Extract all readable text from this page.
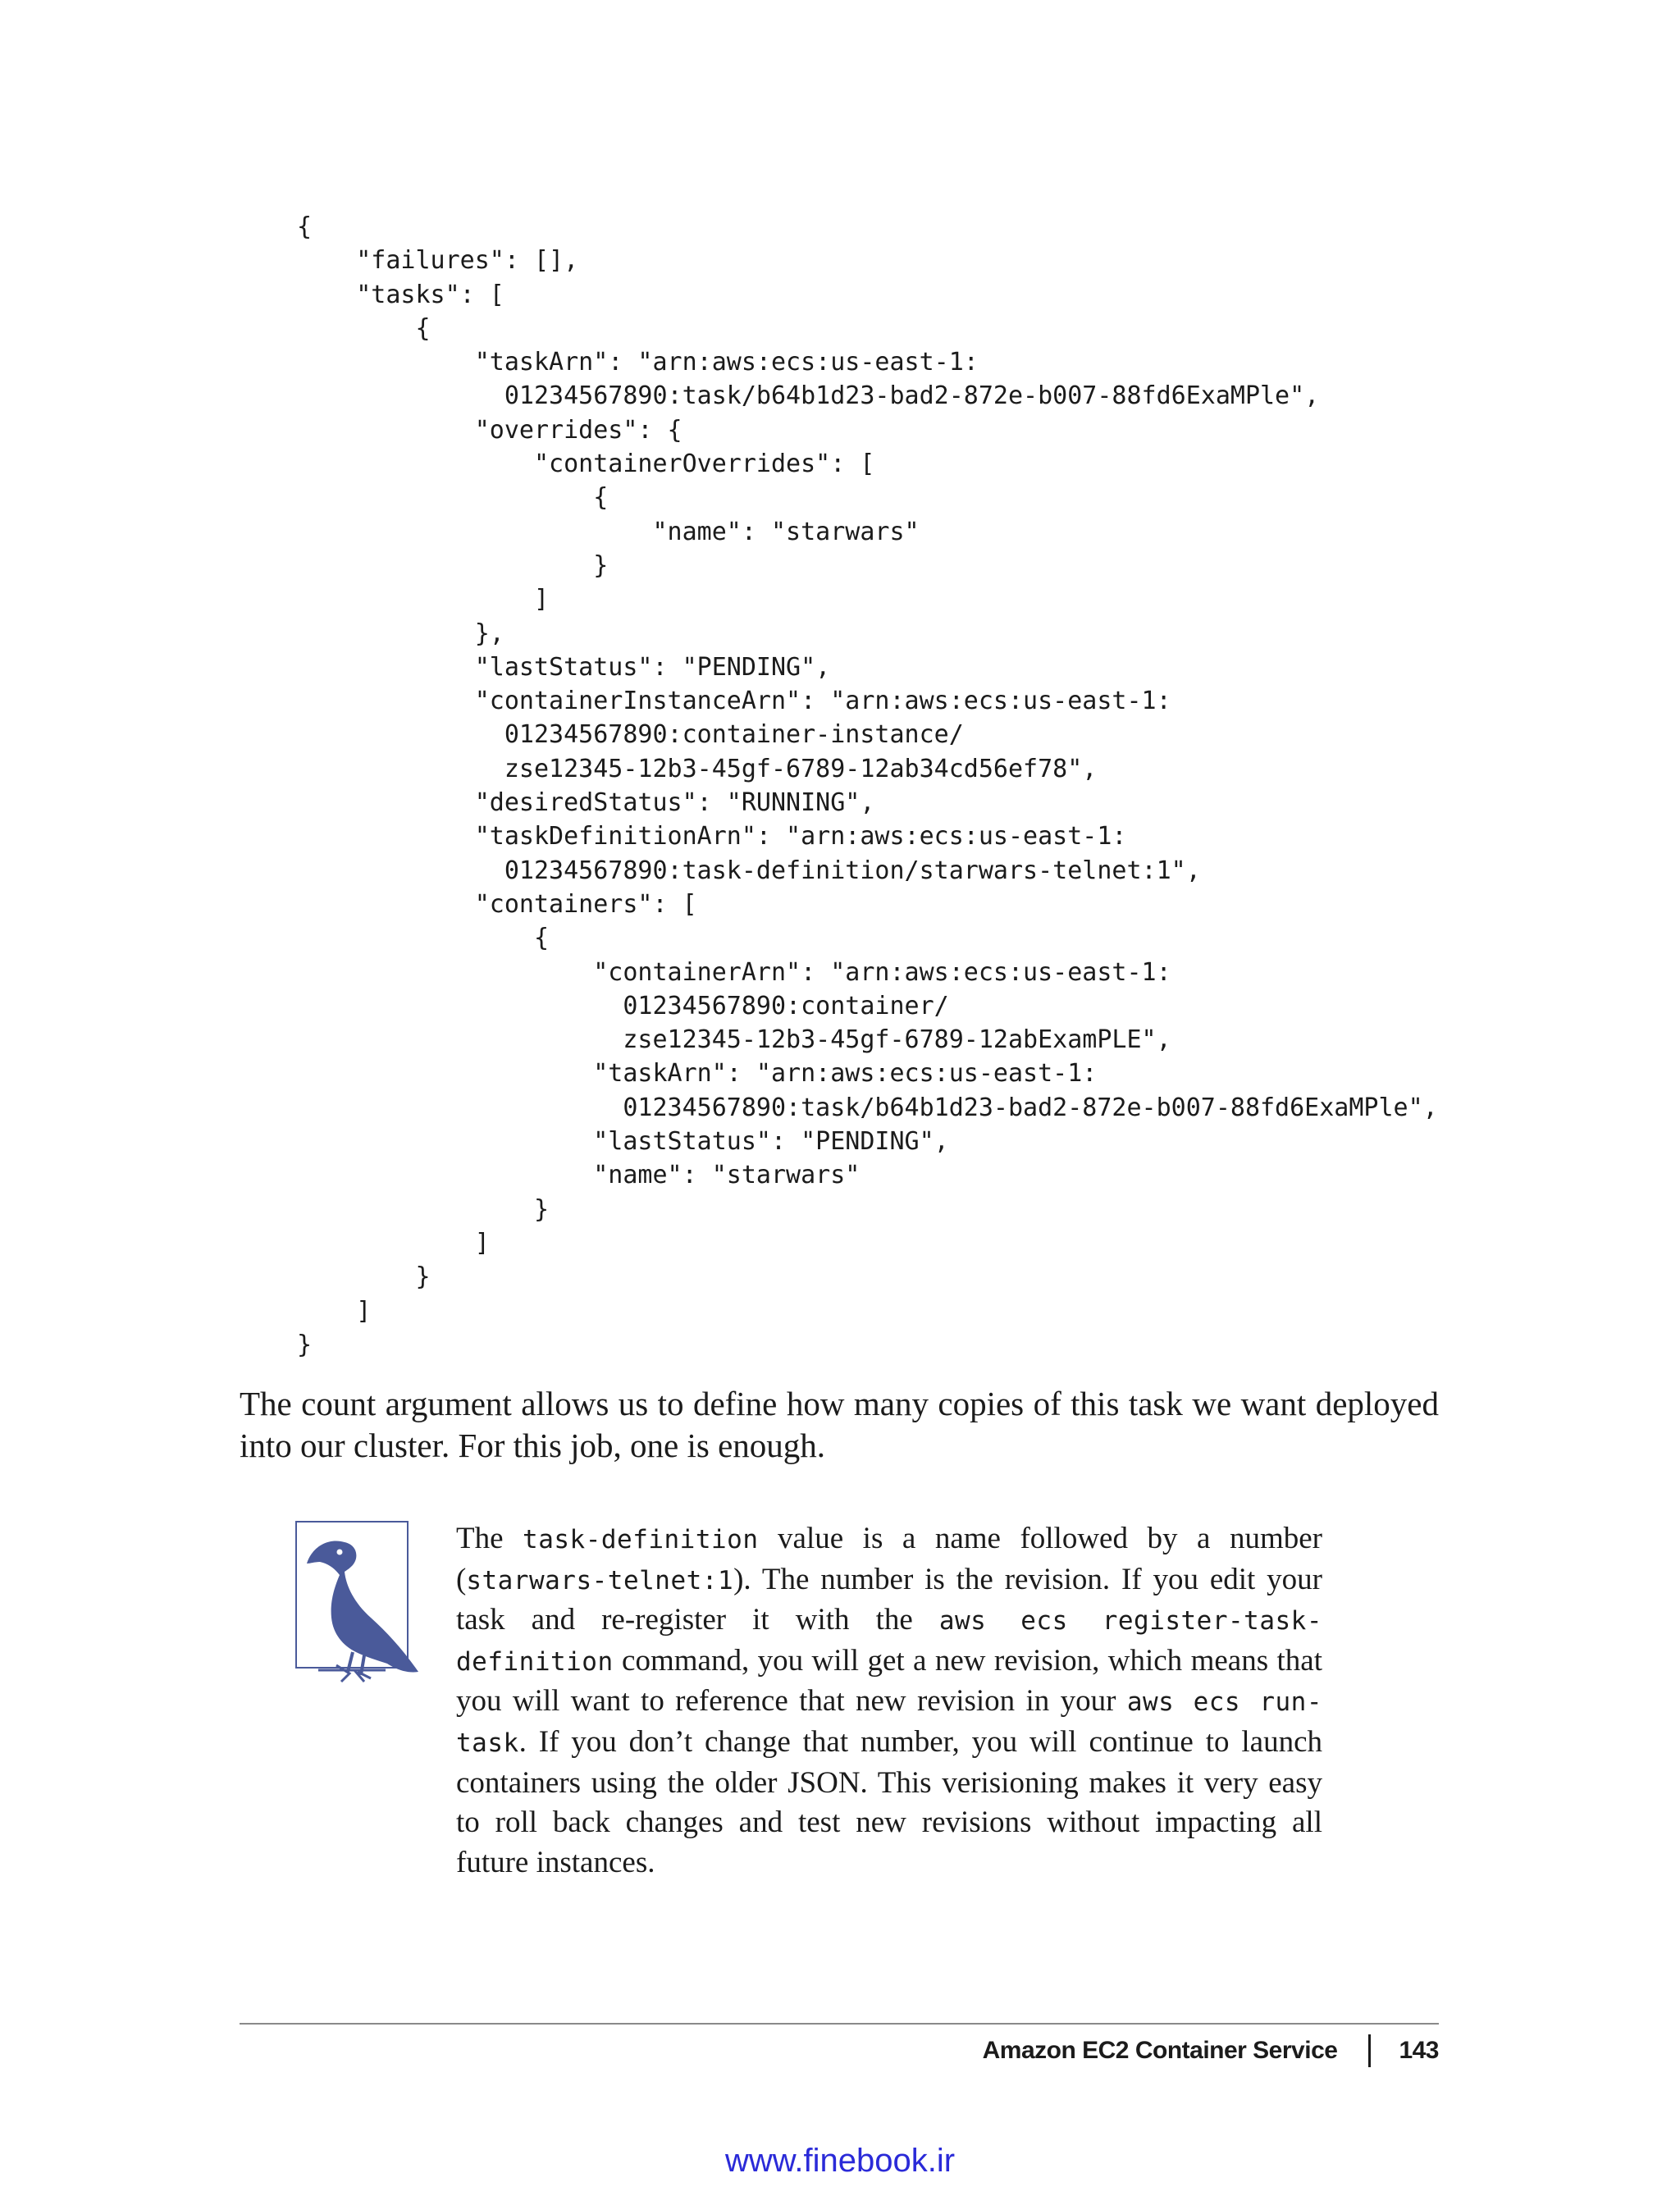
{
"failures": [],
"tasks": [
{
"taskArn": "arn:aws:ecs:us-east-1:
01234567890:task/b64b1d23-bad2-872e-b007-88fd6ExaMPle",
"overrides": {
"containerOverrides": [
{
"name": "starwars"
}
]
},
"lastStatus": "PENDING",
"containerInstanceArn": "arn:aws:ecs:us-east-1:
01234567890:container-instance/
zse12345-12b3-45gf-6789-12ab34cd56ef78",
"desiredStatus": "RUNNING",
"taskDefinitionArn": "arn:aws:ecs:us-east-1:
01234567890:task-definition/starwars-telnet:1",
"containers": [
{
"containerArn": "arn:aws:ecs:us-east-1:
01234567890:container/
zse12345-12b3-45gf-6789-12abExamPLE",
"taskArn": "arn:aws:ecs:us-east-1:
01234567890:task/b64b1d23-bad2-872e-b007-88fd6ExaMPle",
"lastStatus": "PENDING",
"name": "starwars"
}
]
}
]
}

The count argument allows us to define how many copies of this task we want deployed into our cluster. For this job, one is enough.

The task-definition value is a name followed by a number (starwars-telnet:1). The number is the revision. If you edit your task and re-register it with the aws ecs register-task-definition command, you will get a new revision, which means that you will want to reference that new revision in your aws ecs run-task. If you don’t change that number, you will continue to launch containers using the older JSON. This verisioning makes it very easy to roll back changes and test new revisions without impacting all future instances.

Amazon EC2 Container Service	143
www.finebook.ir
